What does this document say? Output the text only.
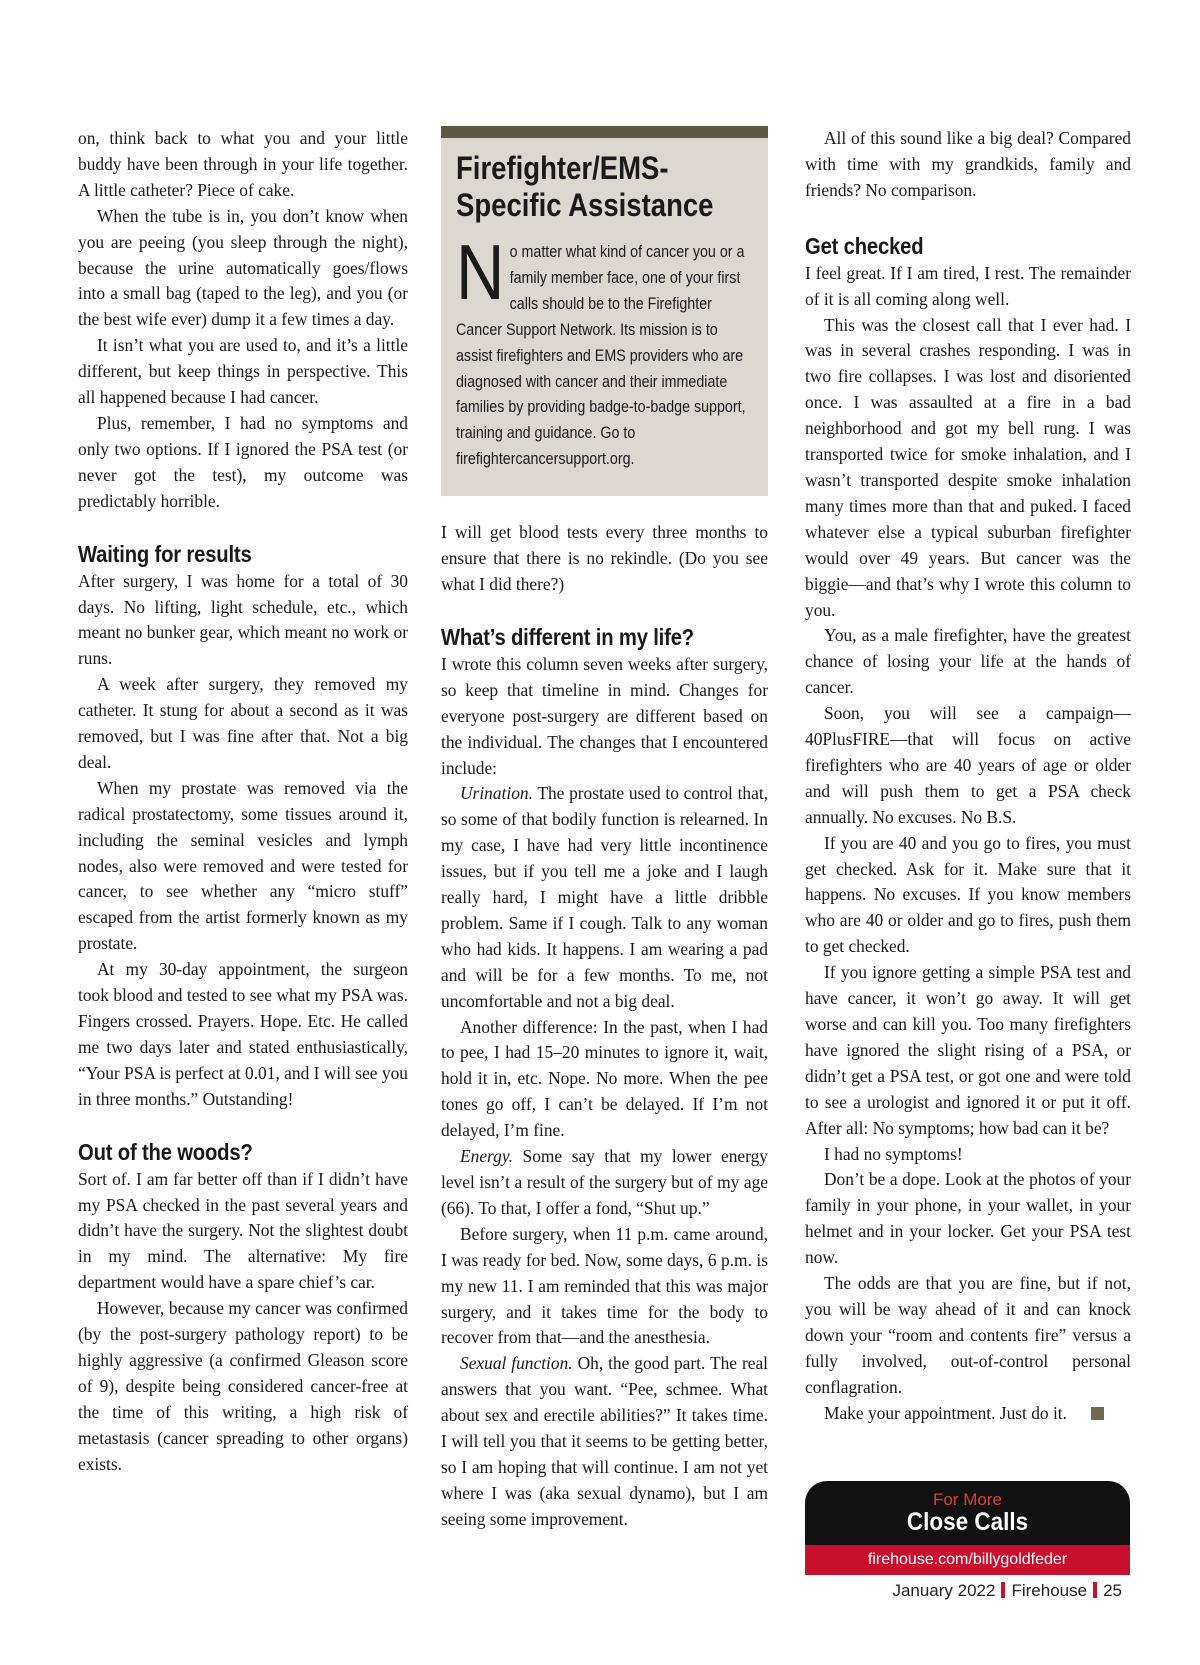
on, think back to what you and your little buddy have been through in your life together. A little catheter? Piece of cake.

When the tube is in, you don’t know when you are peeing (you sleep through the night), because the urine automatically goes/flows into a small bag (taped to the leg), and you (or the best wife ever) dump it a few times a day.

It isn’t what you are used to, and it’s a little different, but keep things in perspective. This all happened because I had cancer.

Plus, remember, I had no symptoms and only two options. If I ignored the PSA test (or never got the test), my outcome was predictably horrible.

Waiting for results

After surgery, I was home for a total of 30 days. No lifting, light schedule, etc., which meant no bunker gear, which meant no work or runs.

A week after surgery, they removed my catheter. It stung for about a second as it was removed, but I was fine after that. Not a big deal.

When my prostate was removed via the radical prostatectomy, some tissues around it, including the seminal vesicles and lymph nodes, also were removed and were tested for cancer, to see whether any “micro stuff” escaped from the artist formerly known as my prostate.

At my 30-day appointment, the surgeon took blood and tested to see what my PSA was. Fingers crossed. Prayers. Hope. Etc. He called me two days later and stated enthusiastically, “Your PSA is perfect at 0.01, and I will see you in three months.” Outstanding!

Out of the woods?

Sort of. I am far better off than if I didn’t have my PSA checked in the past several years and didn’t have the surgery. Not the slightest doubt in my mind. The alternative: My fire department would have a spare chief’s car.

However, because my cancer was confirmed (by the post-surgery pathology report) to be highly aggressive (a confirmed Gleason score of 9), despite being considered cancer-free at the time of this writing, a high risk of metastasis (cancer spreading to other organs) exists.

Firefighter/EMS-
Specific Assistance
No matter what kind of cancer you or a family member face, one of your first calls should be to the Firefighter Cancer Support Network. Its mission is to assist firefighters and EMS providers who are diagnosed with cancer and their immediate families by providing badge-to-badge support, training and guidance. Go to firefightercancersupport.org.

I will get blood tests every three months to ensure that there is no rekindle. (Do you see what I did there?)

What’s different in my life?

I wrote this column seven weeks after surgery, so keep that timeline in mind. Changes for everyone post-surgery are different based on the individual. The changes that I encountered include:

Urination. The prostate used to control that, so some of that bodily function is relearned. In my case, I have had very little incontinence issues, but if you tell me a joke and I laugh really hard, I might have a little dribble problem. Same if I cough. Talk to any woman who had kids. It happens. I am wearing a pad and will be for a few months. To me, not uncomfortable and not a big deal.

Another difference: In the past, when I had to pee, I had 15–20 minutes to ignore it, wait, hold it in, etc. Nope. No more. When the pee tones go off, I can’t be delayed. If I’m not delayed, I’m fine.

Energy. Some say that my lower energy level isn’t a result of the surgery but of my age (66). To that, I offer a fond, “Shut up.”

Before surgery, when 11 p.m. came around, I was ready for bed. Now, some days, 6 p.m. is my new 11. I am reminded that this was major surgery, and it takes time for the body to recover from that—and the anesthesia.

Sexual function. Oh, the good part. The real answers that you want. “Pee, schmee. What about sex and erectile abilities?” It takes time. I will tell you that it seems to be getting better, so I am hoping that will continue. I am not yet where I was (aka sexual dynamo), but I am seeing some improvement.

All of this sound like a big deal? Compared with time with my grandkids, family and friends? No comparison.

Get checked

I feel great. If I am tired, I rest. The remainder of it is all coming along well.

This was the closest call that I ever had. I was in several crashes responding. I was in two fire collapses. I was lost and disoriented once. I was assaulted at a fire in a bad neighborhood and got my bell rung. I was transported twice for smoke inhalation, and I wasn’t transported despite smoke inhalation many times more than that and puked. I faced whatever else a typical suburban firefighter would over 49 years. But cancer was the biggie—and that’s why I wrote this column to you.

You, as a male firefighter, have the greatest chance of losing your life at the hands of cancer.

Soon, you will see a campaign—40PlusFIRE—that will focus on active firefighters who are 40 years of age or older and will push them to get a PSA check annually. No excuses. No B.S.

If you are 40 and you go to fires, you must get checked. Ask for it. Make sure that it happens. No excuses. If you know members who are 40 or older and go to fires, push them to get checked.

If you ignore getting a simple PSA test and have cancer, it won’t go away. It will get worse and can kill you. Too many firefighters have ignored the slight rising of a PSA, or didn’t get a PSA test, or got one and were told to see a urologist and ignored it or put it off. After all: No symptoms; how bad can it be?

I had no symptoms!

Don’t be a dope. Look at the photos of your family in your phone, in your wallet, in your helmet and in your locker. Get your PSA test now.

The odds are that you are fine, but if not, you will be way ahead of it and can knock down your “room and contents fire” versus a fully involved, out-of-control personal conflagration.

Make your appointment. Just do it.

For More
Close Calls
firehouse.com/billygoldfeder
January 2022 Firehouse 25
